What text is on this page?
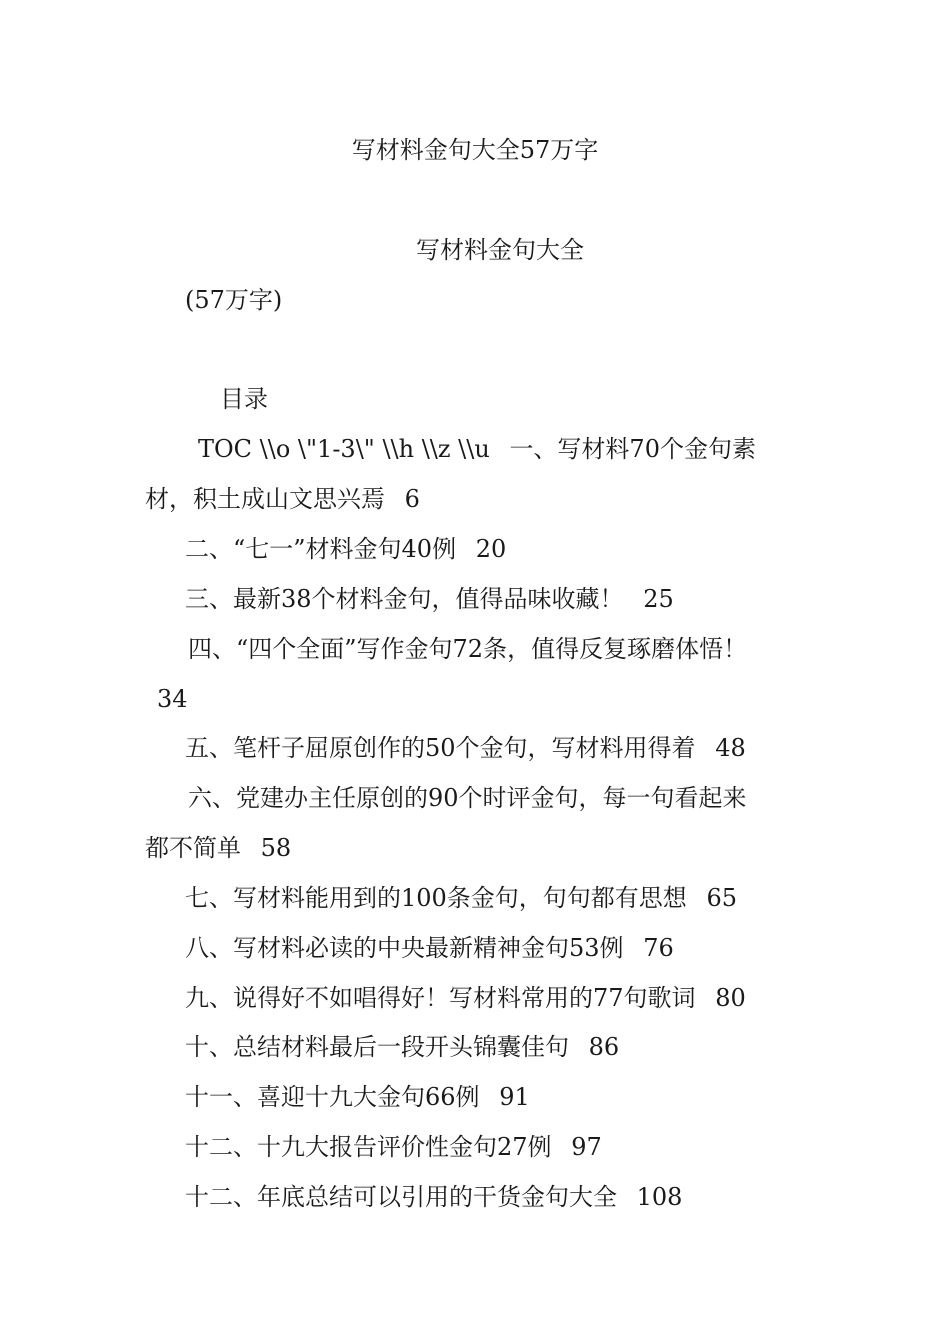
写材料金句大全57万字
写材料金句大全
(57万字)
目录
TOC \\o \"1-3\" \\h \\z \\u 一、写材料70个金句素
材，积土成山文思兴焉 6
二、“七一”材料金句40例 20
三、最新38个材料金句，值得品味收藏！ 25
四、“四个全面”写作金句72条，值得反复琢磨体悟！
34
五、笔杆子屈原创作的50个金句，写材料用得着 48
六、党建办主任原创的90个时评金句，每一句看起来
都不简单 58
七、写材料能用到的100条金句，句句都有思想 65
八、写材料必读的中央最新精神金句53例 76
九、说得好不如唱得好！写材料常用的77句歌词 80
十、总结材料最后一段开头锦囊佳句 86
十一、喜迎十九大金句66例 91
十二、十九大报告评价性金句27例 97
十二、年底总结可以引用的干货金句大全 108
